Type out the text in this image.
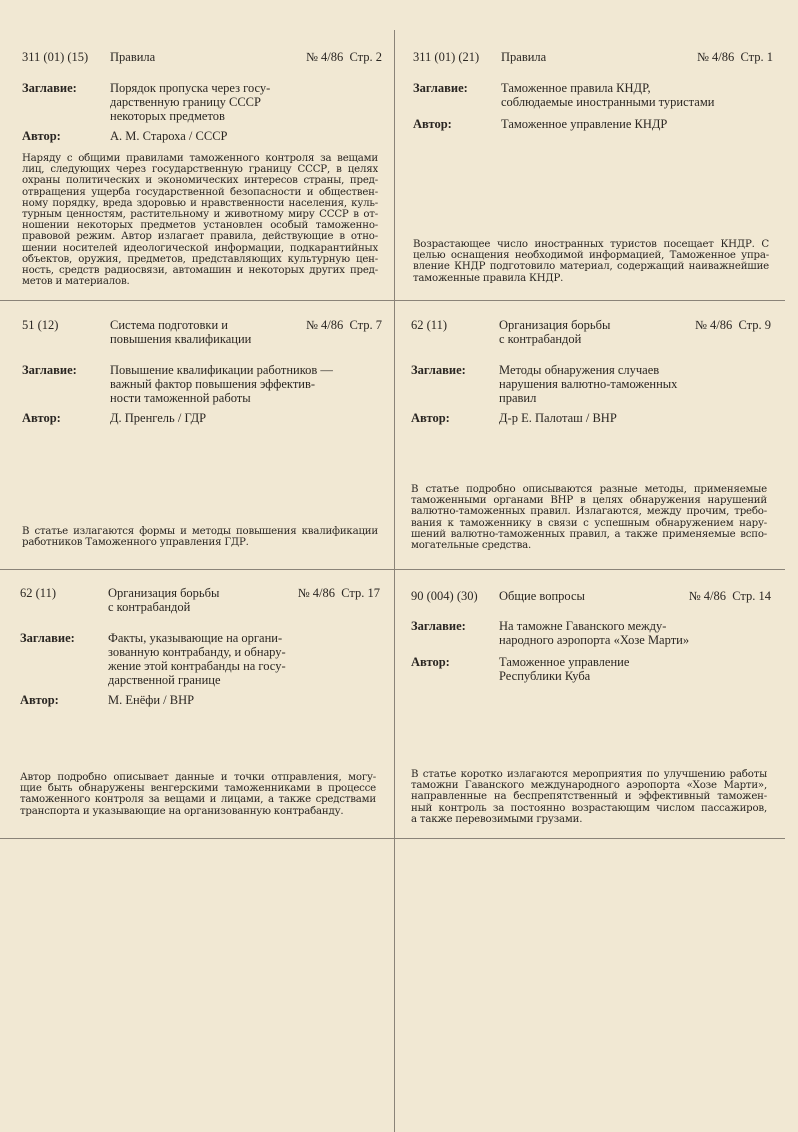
311 (01) (15) Правила	№ 4/86  Стр. 2
Заглавие:	Порядок пропуска через госу-
дарственную границу СССР
некоторых предметов
Автор:	А. М. Староха / СССР
Наряду с общими правилами таможенного контроля за вещами
лиц, следующих через государственную границу СССР, в целях
охраны политических и экономических интересов страны, пред-
отвращения ущерба государственной безопасности и обществен-
ному порядку, вреда здоровью и нравственности населения, куль-
турным ценностям, растительному и животному миру СССР в от-
ношении некоторых предметов установлен особый таможенно-
правовой режим. Автор излагает правила, действующие в отно-
шении носителей идеологической информации, подкарантийных
объектов, оружия, предметов, представляющих культурную цен-
ность, средств радиосвязи, автомашин и некоторых других пред-
метов и материалов.
311 (01) (21) Правила	№ 4/86  Стр. 1
Заглавие:	Таможенное правила КНДР,
соблюдаемые иностранными туристами
Автор:	Таможенное управление КНДР
Возрастающее число иностранных туристов посещает КНДР. С
целью оснащения необходимой информацией, Таможенное упра-
вление КНДР подготовило материал, содержащий наиважнейшие
таможенные правила КНДР.
51 (12)	Система подготовки и
повышения квалификации
№ 4/86  Стр. 7
Заглавие:	Повышение квалификации работников —
важный фактор повышения эффектив-
ности таможенной работы
Автор:	Д. Пренгель / ГДР
В статье излагаются формы и методы повышения квалификации
работников Таможенного управления ГДР.
62 (11)	Организация борьбы
с контрабандой
№ 4/86  Стр. 9
Заглавие:	Методы обнаружения случаев
нарушения валютно-таможенных
правил
Автор:	Д-р Е. Палоташ / ВНР
В статье подробно описываются разные методы, применяемые
таможенными органами ВНР в целях обнаружения нарушений
валютно-таможенных правил. Излагаются, между прочим, требо-
вания к таможеннику в связи с успешным обнаружением нару-
шений валютно-таможенных правил, а также применяемые вспо-
могательные средства.
62 (11)	Организация борьбы
с контрабандой
№ 4/86  Стр. 17
Заглавие:	Факты, указывающие на органи-
зованную контрабанду, и обнару-
жение этой контрабанды на госу-
дарственной границе
Автор:	М. Енёфи / ВНР
Автор подробно описывает данные и точки отправления, могу-
щие быть обнаружены венгерскими таможенниками в процессе
таможенного контроля за вещами и лицами, а также средствами
транспорта и указывающие на организованную контрабанду.
90 (004) (30) Общие вопросы	№ 4/86  Стр. 14
Заглавие:	На таможне Гаванского между-
народного аэропорта «Хозе Марти»
Автор:	Таможенное управление
Республики Куба
В статье коротко излагаются мероприятия по улучшению работы
таможни Гаванского международного аэропорта «Хозе Марти»,
направленные на беспрепятственный и эффективный таможен-
ный контроль за постоянно возрастающим числом пассажиров,
а также перевозимыми грузами.
